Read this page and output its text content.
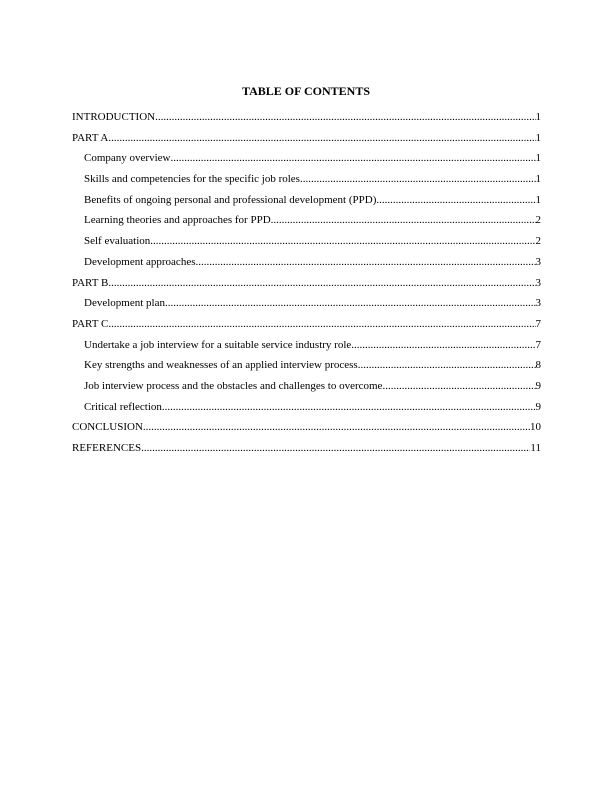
TABLE OF CONTENTS
INTRODUCTION .....	1
PART A .....	1
Company overview .....	1
Skills and competencies for the specific job roles .....	1
Benefits of ongoing personal and professional development (PPD) .....	1
Learning theories and approaches for PPD .....	2
Self evaluation .....	2
Development approaches .....	3
PART B .....	3
Development plan .....	3
PART C .....	7
Undertake a job interview for a suitable service industry role .....	7
Key strengths and weaknesses of an applied interview process .....	8
Job interview process and the obstacles and challenges to overcome .....	9
Critical reflection .....	9
CONCLUSION .....	10
REFERENCES .....	11
